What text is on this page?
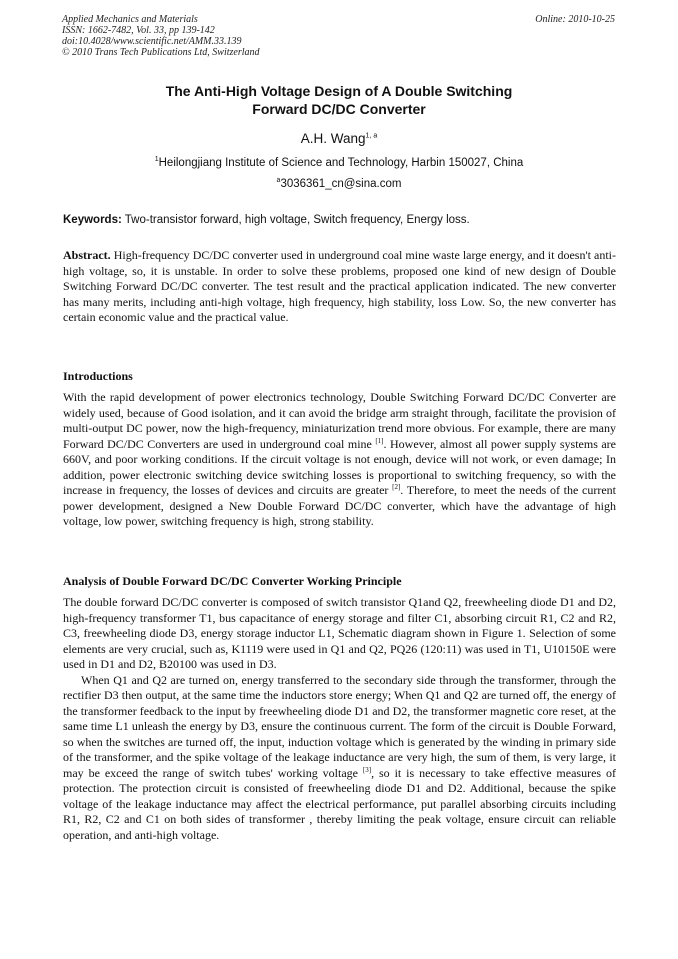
Applied Mechanics and Materials
ISSN: 1662-7482, Vol. 33, pp 139-142
doi:10.4028/www.scientific.net/AMM.33.139
© 2010 Trans Tech Publications Ltd, Switzerland
Online: 2010-10-25
The Anti-High Voltage Design of A Double Switching
Forward DC/DC Converter
A.H. Wang$^{1, a}$
$^1$Heilongjiang Institute of Science and Technology, Harbin 150027, China
$^a$3036361_cn@sina.com
Keywords: Two-transistor forward, high voltage, Switch frequency, Energy loss.

Abstract. High-frequency DC/DC converter used in underground coal mine waste large energy, and it doesn't anti-high voltage, so, it is unstable. In order to solve these problems, proposed one kind of new design of Double Switching Forward DC/DC converter. The test result and the practical application indicated. The new converter has many merits, including anti-high voltage, high frequency, high stability, loss Low. So, the new converter has certain economic value and the practical value.

Introductions

With the rapid development of power electronics technology, Double Switching Forward DC/DC Converter are widely used, because of Good isolation, and it can avoid the bridge arm straight through, facilitate the provision of multi-output DC power, now the high-frequency, miniaturization trend more obvious. For example, there are many Forward DC/DC Converters are used in underground coal mine [1]. However, almost all power supply systems are 660V, and poor working conditions. If the circuit voltage is not enough, device will not work, or even damage; In addition, power electronic switching device switching losses is proportional to switching frequency, so with the increase in frequency, the losses of devices and circuits are greater [2]. Therefore, to meet the needs of the current power development, designed a New Double Forward DC/DC converter, which have the advantage of high voltage, low power, switching frequency is high, strong stability.

Analysis of Double Forward DC/DC Converter Working Principle

The double forward DC/DC converter is composed of switch transistor Q1and Q2, freewheeling diode D1 and D2, high-frequency transformer T1, bus capacitance of energy storage and filter C1, absorbing circuit R1, C2 and R2, C3, freewheeling diode D3, energy storage inductor L1, Schematic diagram shown in Figure 1. Selection of some elements are very crucial, such as, K1119 were used in Q1 and Q2, PQ26 (120:11) was used in T1, U10150E were used in D1 and D2, B20100 was used in D3.

When Q1 and Q2 are turned on, energy transferred to the secondary side through the transformer, through the rectifier D3 then output, at the same time the inductors store energy; When Q1 and Q2 are turned off, the energy of the transformer feedback to the input by freewheeling diode D1 and D2, the transformer magnetic core reset, at the same time L1 unleash the energy by D3, ensure the continuous current. The form of the circuit is Double Forward, so when the switches are turned off, the input, induction voltage which is generated by the winding in primary side of the transformer, and the spike voltage of the leakage inductance are very high, the sum of them, is very large, it may be exceed the range of switch tubes' working voltage [3], so it is necessary to take effective measures of protection. The protection circuit is consisted of freewheeling diode D1 and D2. Additional, because the spike voltage of the leakage inductance may affect the electrical performance, put parallel absorbing circuits including R1, R2, C2 and C1 on both sides of transformer , thereby limiting the peak voltage, ensure circuit can reliable operation, and anti-high voltage.
